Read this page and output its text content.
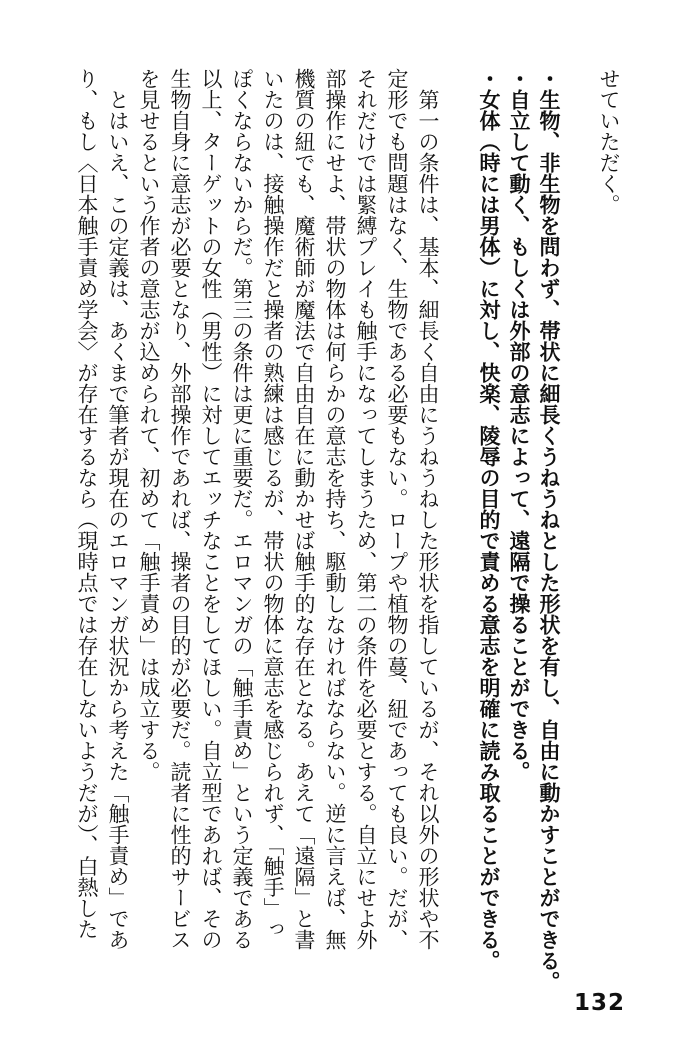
せていただく。
・生物、非生物を問わず、帯状に細長くうねうねとした形状を有し、自由に動かすことができる。
・自立して動く、もしくは外部の意志によって、遠隔で操ることができる。
・女体（時には男体）に対し、快楽、陵辱の目的で責める意志を明確に読み取ることができる。
第一の条件は、基本、細長く自由にうねうねした形状を指しているが、それ以外の形状や不
定形でも問題はなく、生物である必要もない。ロープや植物の蔓、紐であっても良い。だが、
それだけでは緊縛プレイも触手になってしまうため、第二の条件を必要とする。自立にせよ外
部操作にせよ、帯状の物体は何らかの意志を持ち、駆動しなければならない。逆に言えば、無
機質の紐でも、魔術師が魔法で自由自在に動かせば触手的な存在となる。あえて「遠隔」と書
いたのは、接触操作だと操者の熟練は感じるが、帯状の物体に意志を感じられず、「触手」っ
ぽくならないからだ。第三の条件は更に重要だ。エロマンガの「触手責め」という定義である
以上、ターゲットの女性（男性）に対してエッチなことをしてほしい。自立型であれば、その
生物自身に意志が必要となり、外部操作であれば、操者の目的が必要だ。読者に性的サービス
を見せるという作者の意志が込められて、初めて「触手責め」は成立する。
とはいえ、この定義は、あくまで筆者が現在のエロマンガ状況から考えた「触手責め」であ
り、もし〈日本触手責め学会〉が存在するなら（現時点では存在しないようだが）、白熱した
132
